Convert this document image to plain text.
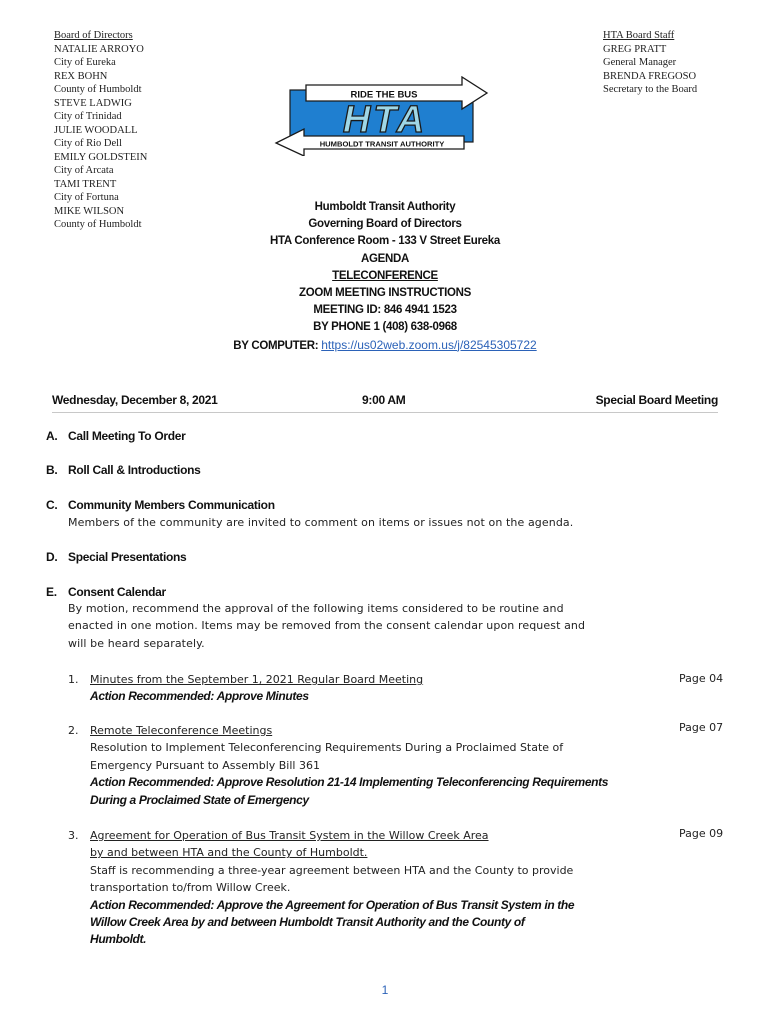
Board of Directors
NATALIE ARROYO
City of Eureka
REX BOHN
County of Humboldt
STEVE LADWIG
City of Trinidad
JULIE WOODALL
City of Rio Dell
EMILY GOLDSTEIN
City of Arcata
TAMI TRENT
City of Fortuna
MIKE WILSON
County of Humboldt
HTA Board Staff
GREG PRATT
General Manager
BRENDA FREGOSO
Secretary to the Board
RIDE THE BUS
HTA
HUMBOLDT TRANSIT AUTHORITY
Humboldt Transit Authority
Governing Board of Directors
HTA Conference Room - 133 V Street Eureka
AGENDA
TELECONFERENCE
ZOOM MEETING INSTRUCTIONS
MEETING ID: 846 4941 1523
BY PHONE 1 (408) 638-0968
BY COMPUTER: https://us02web.zoom.us/j/82545305722
Wednesday, December 8, 2021	9:00 AM	Special Board Meeting
A. Call Meeting To Order
B. Roll Call & Introductions
C. Community Members Communication
Members of the community are invited to comment on items or issues not on the agenda.
D. Special Presentations
E. Consent Calendar
By motion, recommend the approval of the following items considered to be routine and
enacted in one motion. Items may be removed from the consent calendar upon request and
will be heard separately.
1. Minutes from the September 1, 2021 Regular Board Meeting
Action Recommended: Approve Minutes
Page 04
2. Remote Teleconference Meetings
Resolution to Implement Teleconferencing Requirements During a Proclaimed State of
Emergency Pursuant to Assembly Bill 361
Action Recommended: Approve Resolution 21-14 Implementing Teleconferencing Requirements
During a Proclaimed State of Emergency
Page 07
3. Agreement for Operation of Bus Transit System in the Willow Creek Area
by and between HTA and the County of Humboldt.
Staff is recommending a three-year agreement between HTA and the County to provide
transportation to/from Willow Creek.
Action Recommended: Approve the Agreement for Operation of Bus Transit System in the
Willow Creek Area by and between Humboldt Transit Authority and the County of
Humboldt.
Page 09
1
